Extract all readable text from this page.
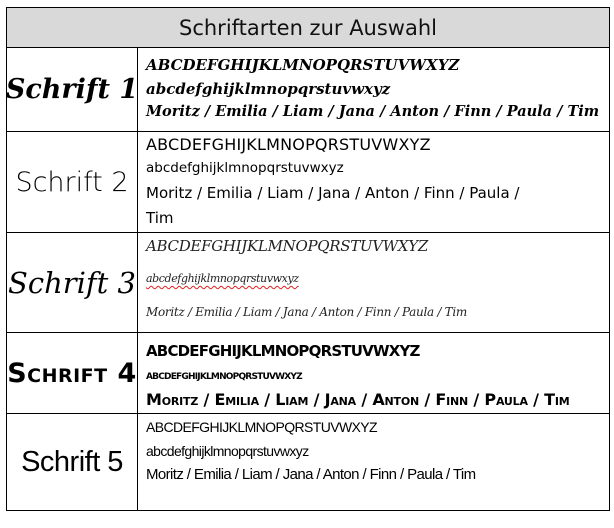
Schriftarten zur Auswahl
Schrift 1
ABCDEFGHIJKLMNOPQRSTUVWXYZ
abcdefghijklmnopqrstuvwxyz
Moritz / Emilia / Liam / Jana / Anton / Finn / Paula / Tim
Schrift 2
ABCDEFGHIJKLMNOPQRSTUVWXYZ
abcdefghijklmnopqrstuvwxyz
Moritz / Emilia / Liam / Jana / Anton / Finn / Paula /
Tim
Schrift 3
ABCDEFGHIJKLMNOPQRSTUVWXYZ
abcdefghijklmnopqrstuvwxyz
Moritz / Emilia / Liam / Jana / Anton / Finn / Paula / Tim
Schrift 4
ABCDEFGHIJKLMNOPQRSTUVWXYZ
abcdefghijklmnopqrstuvwxyz
Moritz / Emilia / Liam / Jana / Anton / Finn / Paula / Tim
Schrift 5
ABCDEFGHIJKLMNOPQRSTUVWXYZ
abcdefghijklmnopqrstuvwxyz
Moritz / Emilia / Liam / Jana / Anton / Finn / Paula / Tim
